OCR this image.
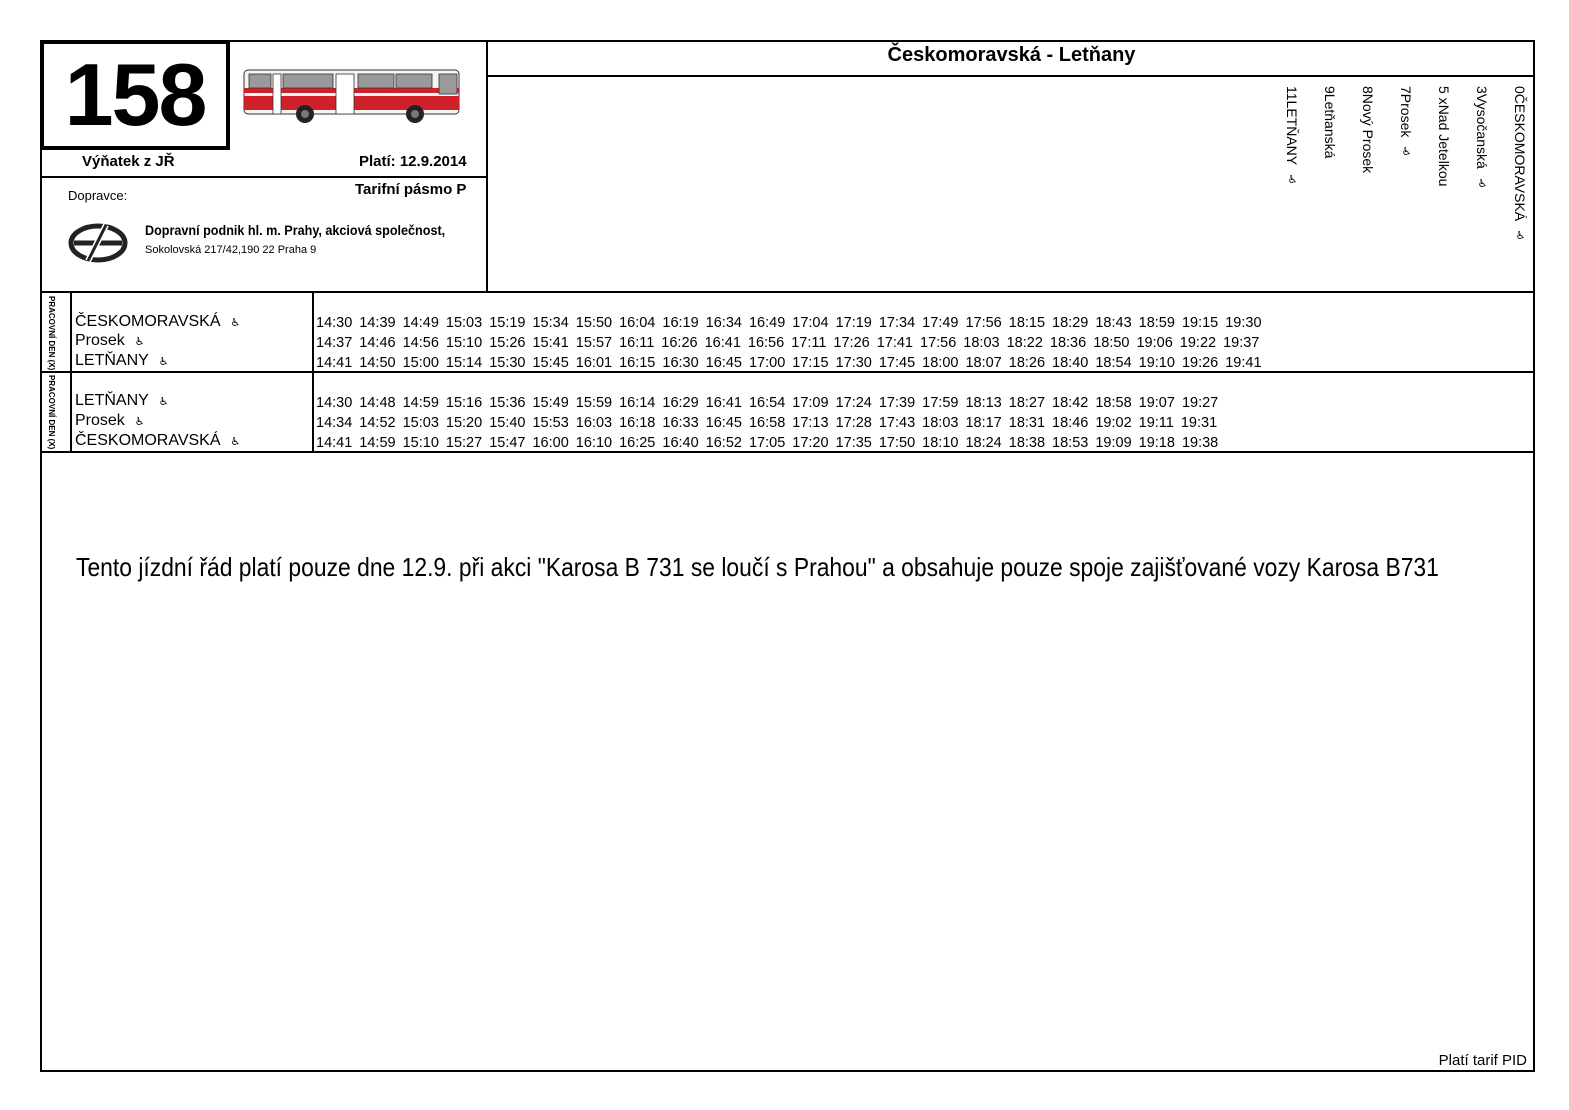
158	Českomoravská - Letňany
Výňatek z JŘ	Platí: 12.9.2014
Tarifní pásmo P
Dopravce:
Dopravní podnik hl. m. Prahy, akciová společnost,
Sokolovská 217/42,190 22 Praha 9
0ČESKOMORAVSKÁ♿
3Vysočanská♿
5 xNad Jetelkou
7Prosek♿
8Nový Prosek
9Letňanská
11LETŇANY♿
PRACOVNÍ DEN (X)
PRACOVNÍ DEN (X)
ČESKOMORAVSKÁ ♿
Prosek ♿
LETŇANY ♿
LETŇANY ♿
Prosek ♿
ČESKOMORAVSKÁ ♿
14:30 14:39 14:49 15:03 15:19 15:34 15:50 16:04 16:19 16:34 16:49 17:04 17:19 17:34 17:49 17:56 18:15 18:29 18:43 18:59 19:15 19:30
14:37 14:46 14:56 15:10 15:26 15:41 15:57 16:11 16:26 16:41 16:56 17:11 17:26 17:41 17:56 18:03 18:22 18:36 18:50 19:06 19:22 19:37
14:41 14:50 15:00 15:14 15:30 15:45 16:01 16:15 16:30 16:45 17:00 17:15 17:30 17:45 18:00 18:07 18:26 18:40 18:54 19:10 19:26 19:41
14:30 14:48 14:59 15:16 15:36 15:49 15:59 16:14 16:29 16:41 16:54 17:09 17:24 17:39 17:59 18:13 18:27 18:42 18:58 19:07 19:27
14:34 14:52 15:03 15:20 15:40 15:53 16:03 16:18 16:33 16:45 16:58 17:13 17:28 17:43 18:03 18:17 18:31 18:46 19:02 19:11 19:31
14:41 14:59 15:10 15:27 15:47 16:00 16:10 16:25 16:40 16:52 17:05 17:20 17:35 17:50 18:10 18:24 18:38 18:53 19:09 19:18 19:38
Tento jízdní řád platí pouze dne 12.9. při akci "Karosa B 731 se loučí s Prahou" a obsahuje pouze spoje zajišťované vozy Karosa B731
Platí tarif PID
